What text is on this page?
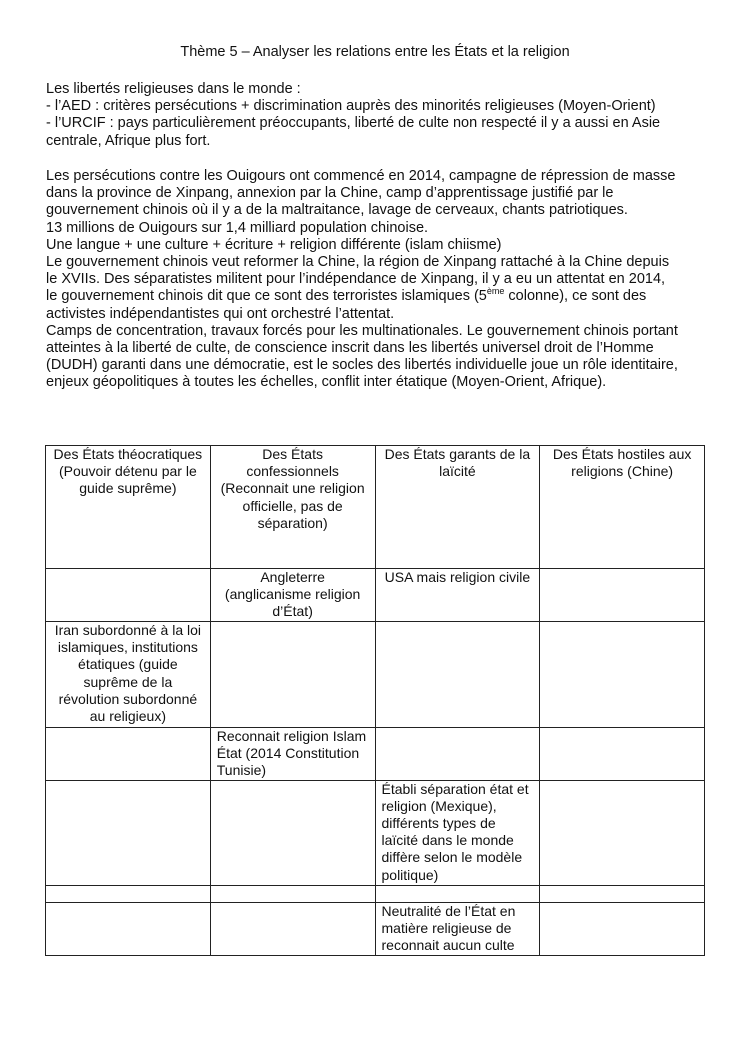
Thème 5 – Analyser les relations entre les États et la religion
Les libertés religieuses dans le monde :
- l’AED : critères persécutions + discrimination auprès des minorités religieuses (Moyen-Orient)
- l’URCIF : pays particulièrement préoccupants, liberté de culte non respecté il y a aussi en Asie
centrale, Afrique plus fort.
Les persécutions contre les Ouigours ont commencé en 2014, campagne de répression de masse
dans la province de Xinpang, annexion par la Chine, camp d’apprentissage justifié par le
gouvernement chinois où il y a de la maltraitance, lavage de cerveaux, chants patriotiques.
13 millions de Ouigours sur 1,4 milliard population chinoise.
Une langue + une culture + écriture + religion différente (islam chiisme)
Le gouvernement chinois veut reformer la Chine, la région de Xinpang rattaché à la Chine depuis
le XVIIs. Des séparatistes militent pour l’indépendance de Xinpang, il y a eu un attentat en 2014,
le gouvernement chinois dit que ce sont des terroristes islamiques (5ème colonne), ce sont des
activistes indépendantistes qui ont orchestré l’attentat.
Camps de concentration, travaux forcés pour les multinationales. Le gouvernement chinois portant
atteintes à la liberté de culte, de conscience inscrit dans les libertés universel droit de l’Homme
(DUDH) garanti dans une démocratie, est le socles des libertés individuelle joue un rôle identitaire,
enjeux géopolitiques à toutes les échelles, conflit inter étatique (Moyen-Orient, Afrique).
Des États théocratiques (Pouvoir détenu par le guide suprême)	Des États confessionnels (Reconnait une religion officielle, pas de séparation)	Des États garants de la laïcité	Des États hostiles aux religions (Chine)
	Angleterre (anglicanisme religion d’État)	USA mais religion civile	
Iran subordonné à la loi islamiques, institutions étatiques (guide suprême de la révolution subordonné au religieux)			
	Reconnait religion Islam État (2014 Constitution Tunisie)		
		Établi séparation état et religion (Mexique), différents types de laïcité dans le monde diffère selon le modèle politique)	

		Neutralité de l’État en matière religieuse de reconnait aucun culte	
